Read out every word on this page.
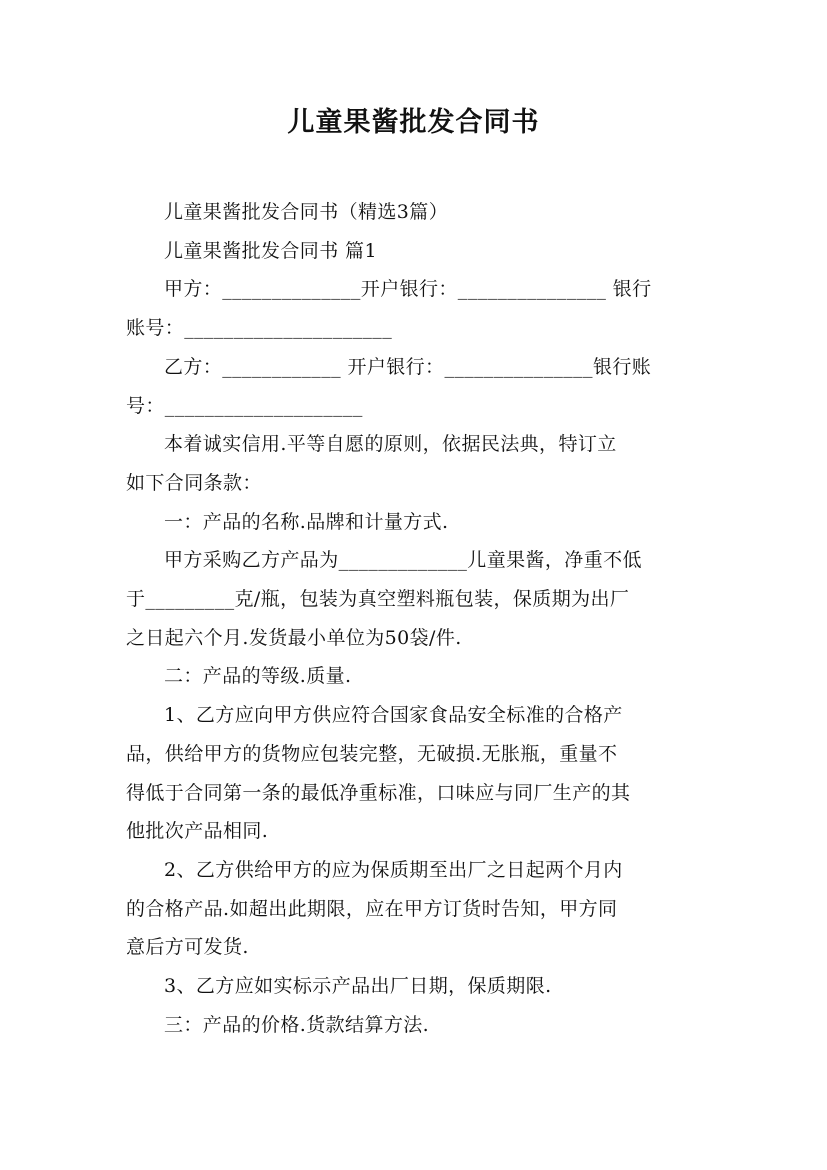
儿童果酱批发合同书
儿童果酱批发合同书（精选3篇）
儿童果酱批发合同书 篇1
甲方：______________开户银行：_______________ 银行
账号：_____________________
乙方：____________ 开户银行：_______________银行账
号：____________________
本着诚实信用.平等自愿的原则，依据民法典，特订立
如下合同条款：
一：产品的名称.品牌和计量方式.
甲方采购乙方产品为_____________儿童果酱，净重不低
于_________克/瓶，包装为真空塑料瓶包装，保质期为出厂
之日起六个月.发货最小单位为50袋/件.
二：产品的等级.质量.
1、乙方应向甲方供应符合国家食品安全标准的合格产
品，供给甲方的货物应包装完整，无破损.无胀瓶，重量不
得低于合同第一条的最低净重标准，口味应与同厂生产的其
他批次产品相同.
2、乙方供给甲方的应为保质期至出厂之日起两个月内
的合格产品.如超出此期限，应在甲方订货时告知，甲方同
意后方可发货.
3、乙方应如实标示产品出厂日期，保质期限.
三：产品的价格.货款结算方法.
